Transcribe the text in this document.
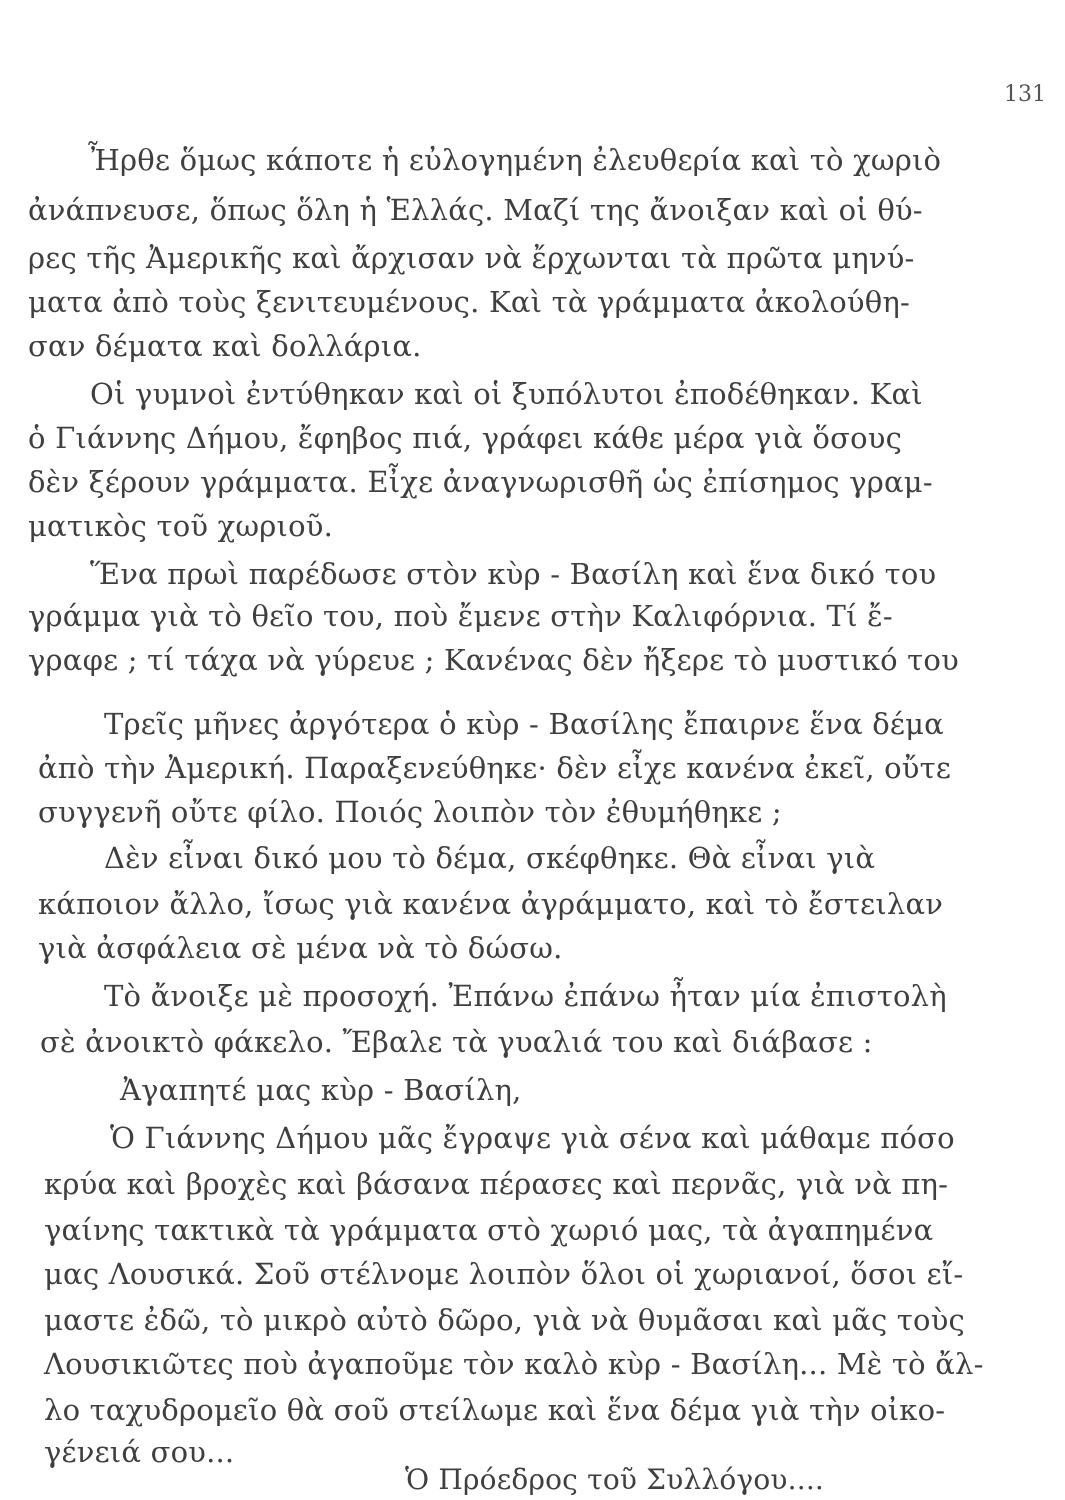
131
Ἦρθε ὅμως κάποτε ἡ εὐλογημένη ἐλευθερία καὶ τὸ χωριὸ
ἀνάπνευσε, ὅπως ὅλη ἡ Ἑλλάς. Μαζί της ἄνοιξαν καὶ οἱ θύ-
ρες τῆς Ἀμερικῆς καὶ ἄρχισαν νὰ ἔρχωνται τὰ πρῶτα μηνύ-
ματα ἀπὸ τοὺς ξενιτευμένους. Καὶ τὰ γράμματα ἀκολούθη-
σαν δέματα καὶ δολλάρια.
Οἱ γυμνοὶ ἐντύθηκαν καὶ οἱ ξυπόλυτοι ἐποδέθηκαν. Καὶ
ὁ Γιάννης Δήμου, ἔφηβος πιά, γράφει κάθε μέρα γιὰ ὅσους
δὲν ξέρουν γράμματα. Εἶχε ἀναγνωρισθῆ ὡς ἐπίσημος γραμ-
ματικὸς τοῦ χωριοῦ.
Ἕνα πρωὶ παρέδωσε στὸν κὺρ - Βασίλη καὶ ἕνα δικό του
γράμμα γιὰ τὸ θεῖο του, ποὺ ἔμενε στὴν Καλιφόρνια. Τί ἔ-
γραφε ; τί τάχα νὰ γύρευε ; Κανένας δὲν ἤξερε τὸ μυστικό του
Τρεῖς μῆνες ἀργότερα ὁ κὺρ - Βασίλης ἔπαιρνε ἕνα δέμα
ἀπὸ τὴν Ἀμερική. Παραξενεύθηκε· δὲν εἶχε κανένα ἐκεῖ, οὔτε
συγγενῆ οὔτε φίλο. Ποιός λοιπὸν τὸν ἐθυμήθηκε ;
Δὲν εἶναι δικό μου τὸ δέμα, σκέφθηκε. Θὰ εἶναι γιὰ
κάποιον ἄλλο, ἴσως γιὰ κανένα ἀγράμματο, καὶ τὸ ἔστειλαν
γιὰ ἀσφάλεια σὲ μένα νὰ τὸ δώσω.
Τὸ ἄνοιξε μὲ προσοχή. Ἐπάνω ἐπάνω ἦταν μία ἐπιστολὴ
σὲ ἀνοικτὸ φάκελο. Ἔβαλε τὰ γυαλιά του καὶ διάβασε :
Ἀγαπητέ μας κὺρ - Βασίλη,
Ὁ Γιάννης Δήμου μᾶς ἔγραψε γιὰ σένα καὶ μάθαμε πόσο
κρύα καὶ βροχὲς καὶ βάσανα πέρασες καὶ περνᾶς, γιὰ νὰ πη-
γαίνης τακτικὰ τὰ γράμματα στὸ χωριό μας, τὰ ἀγαπημένα
μας Λουσικά. Σοῦ στέλνομε λοιπὸν ὅλοι οἱ χωριανοί, ὅσοι εἴ-
μαστε ἐδῶ, τὸ μικρὸ αὐτὸ δῶρο, γιὰ νὰ θυμᾶσαι καὶ μᾶς τοὺς
Λουσικιῶτες ποὺ ἀγαποῦμε τὸν καλὸ κὺρ - Βασίλη... Μὲ τὸ ἄλ-
λο ταχυδρομεῖο θὰ σοῦ στείλωμε καὶ ἕνα δέμα γιὰ τὴν οἰκο-
γένειά σου...
Ὁ Πρόεδρος τοῦ Συλλόγου....
